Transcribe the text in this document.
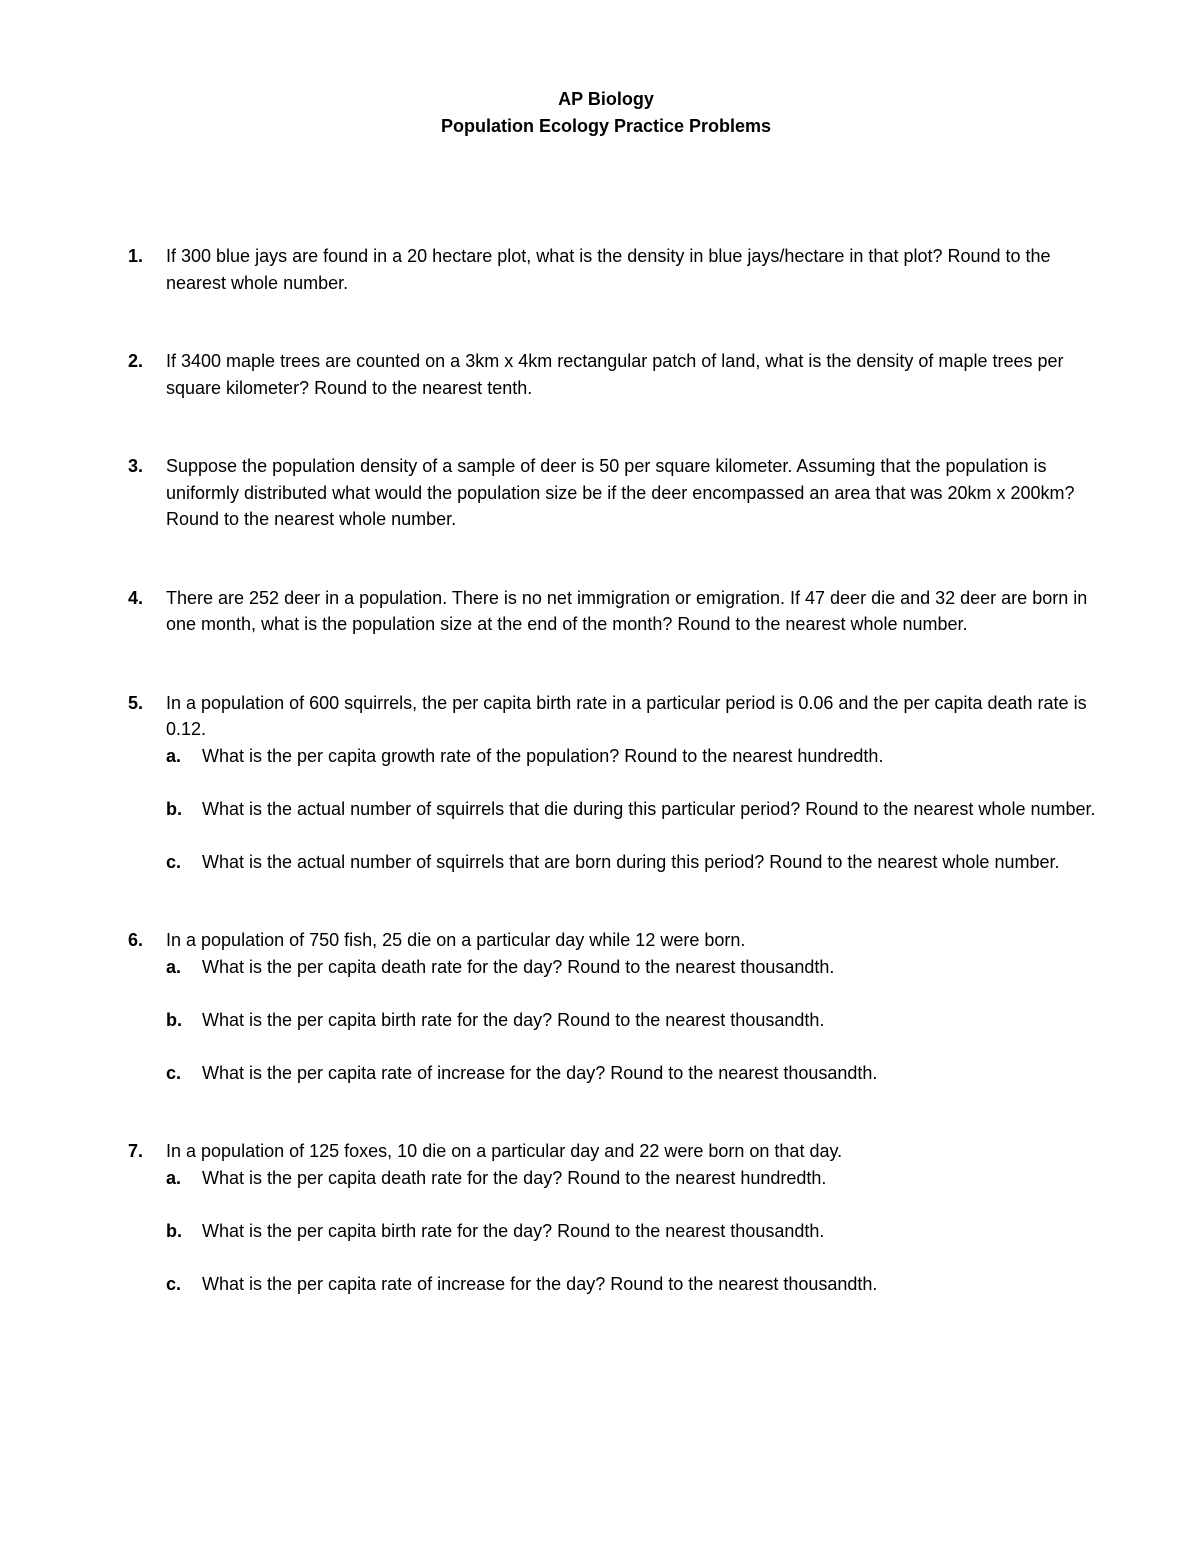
AP Biology
Population Ecology Practice Problems
1. If 300 blue jays are found in a 20 hectare plot, what is the density in blue jays/hectare in that plot? Round to the nearest whole number.
2. If 3400 maple trees are counted on a 3km x 4km rectangular patch of land, what is the density of maple trees per square kilometer? Round to the nearest tenth.
3. Suppose the population density of a sample of deer is 50 per square kilometer. Assuming that the population is uniformly distributed what would the population size be if the deer encompassed an area that was 20km x 200km? Round to the nearest whole number.
4. There are 252 deer in a population. There is no net immigration or emigration. If 47 deer die and 32 deer are born in one month, what is the population size at the end of the month? Round to the nearest whole number.
5. In a population of 600 squirrels, the per capita birth rate in a particular period is 0.06 and the per capita death rate is 0.12.
a. What is the per capita growth rate of the population? Round to the nearest hundredth.
b. What is the actual number of squirrels that die during this particular period? Round to the nearest whole number.
c. What is the actual number of squirrels that are born during this period? Round to the nearest whole number.
6. In a population of 750 fish, 25 die on a particular day while 12 were born.
a. What is the per capita death rate for the day? Round to the nearest thousandth.
b. What is the per capita birth rate for the day? Round to the nearest thousandth.
c. What is the per capita rate of increase for the day? Round to the nearest thousandth.
7. In a population of 125 foxes, 10 die on a particular day and 22 were born on that day.
a. What is the per capita death rate for the day? Round to the nearest hundredth.
b. What is the per capita birth rate for the day? Round to the nearest thousandth.
c. What is the per capita rate of increase for the day? Round to the nearest thousandth.
